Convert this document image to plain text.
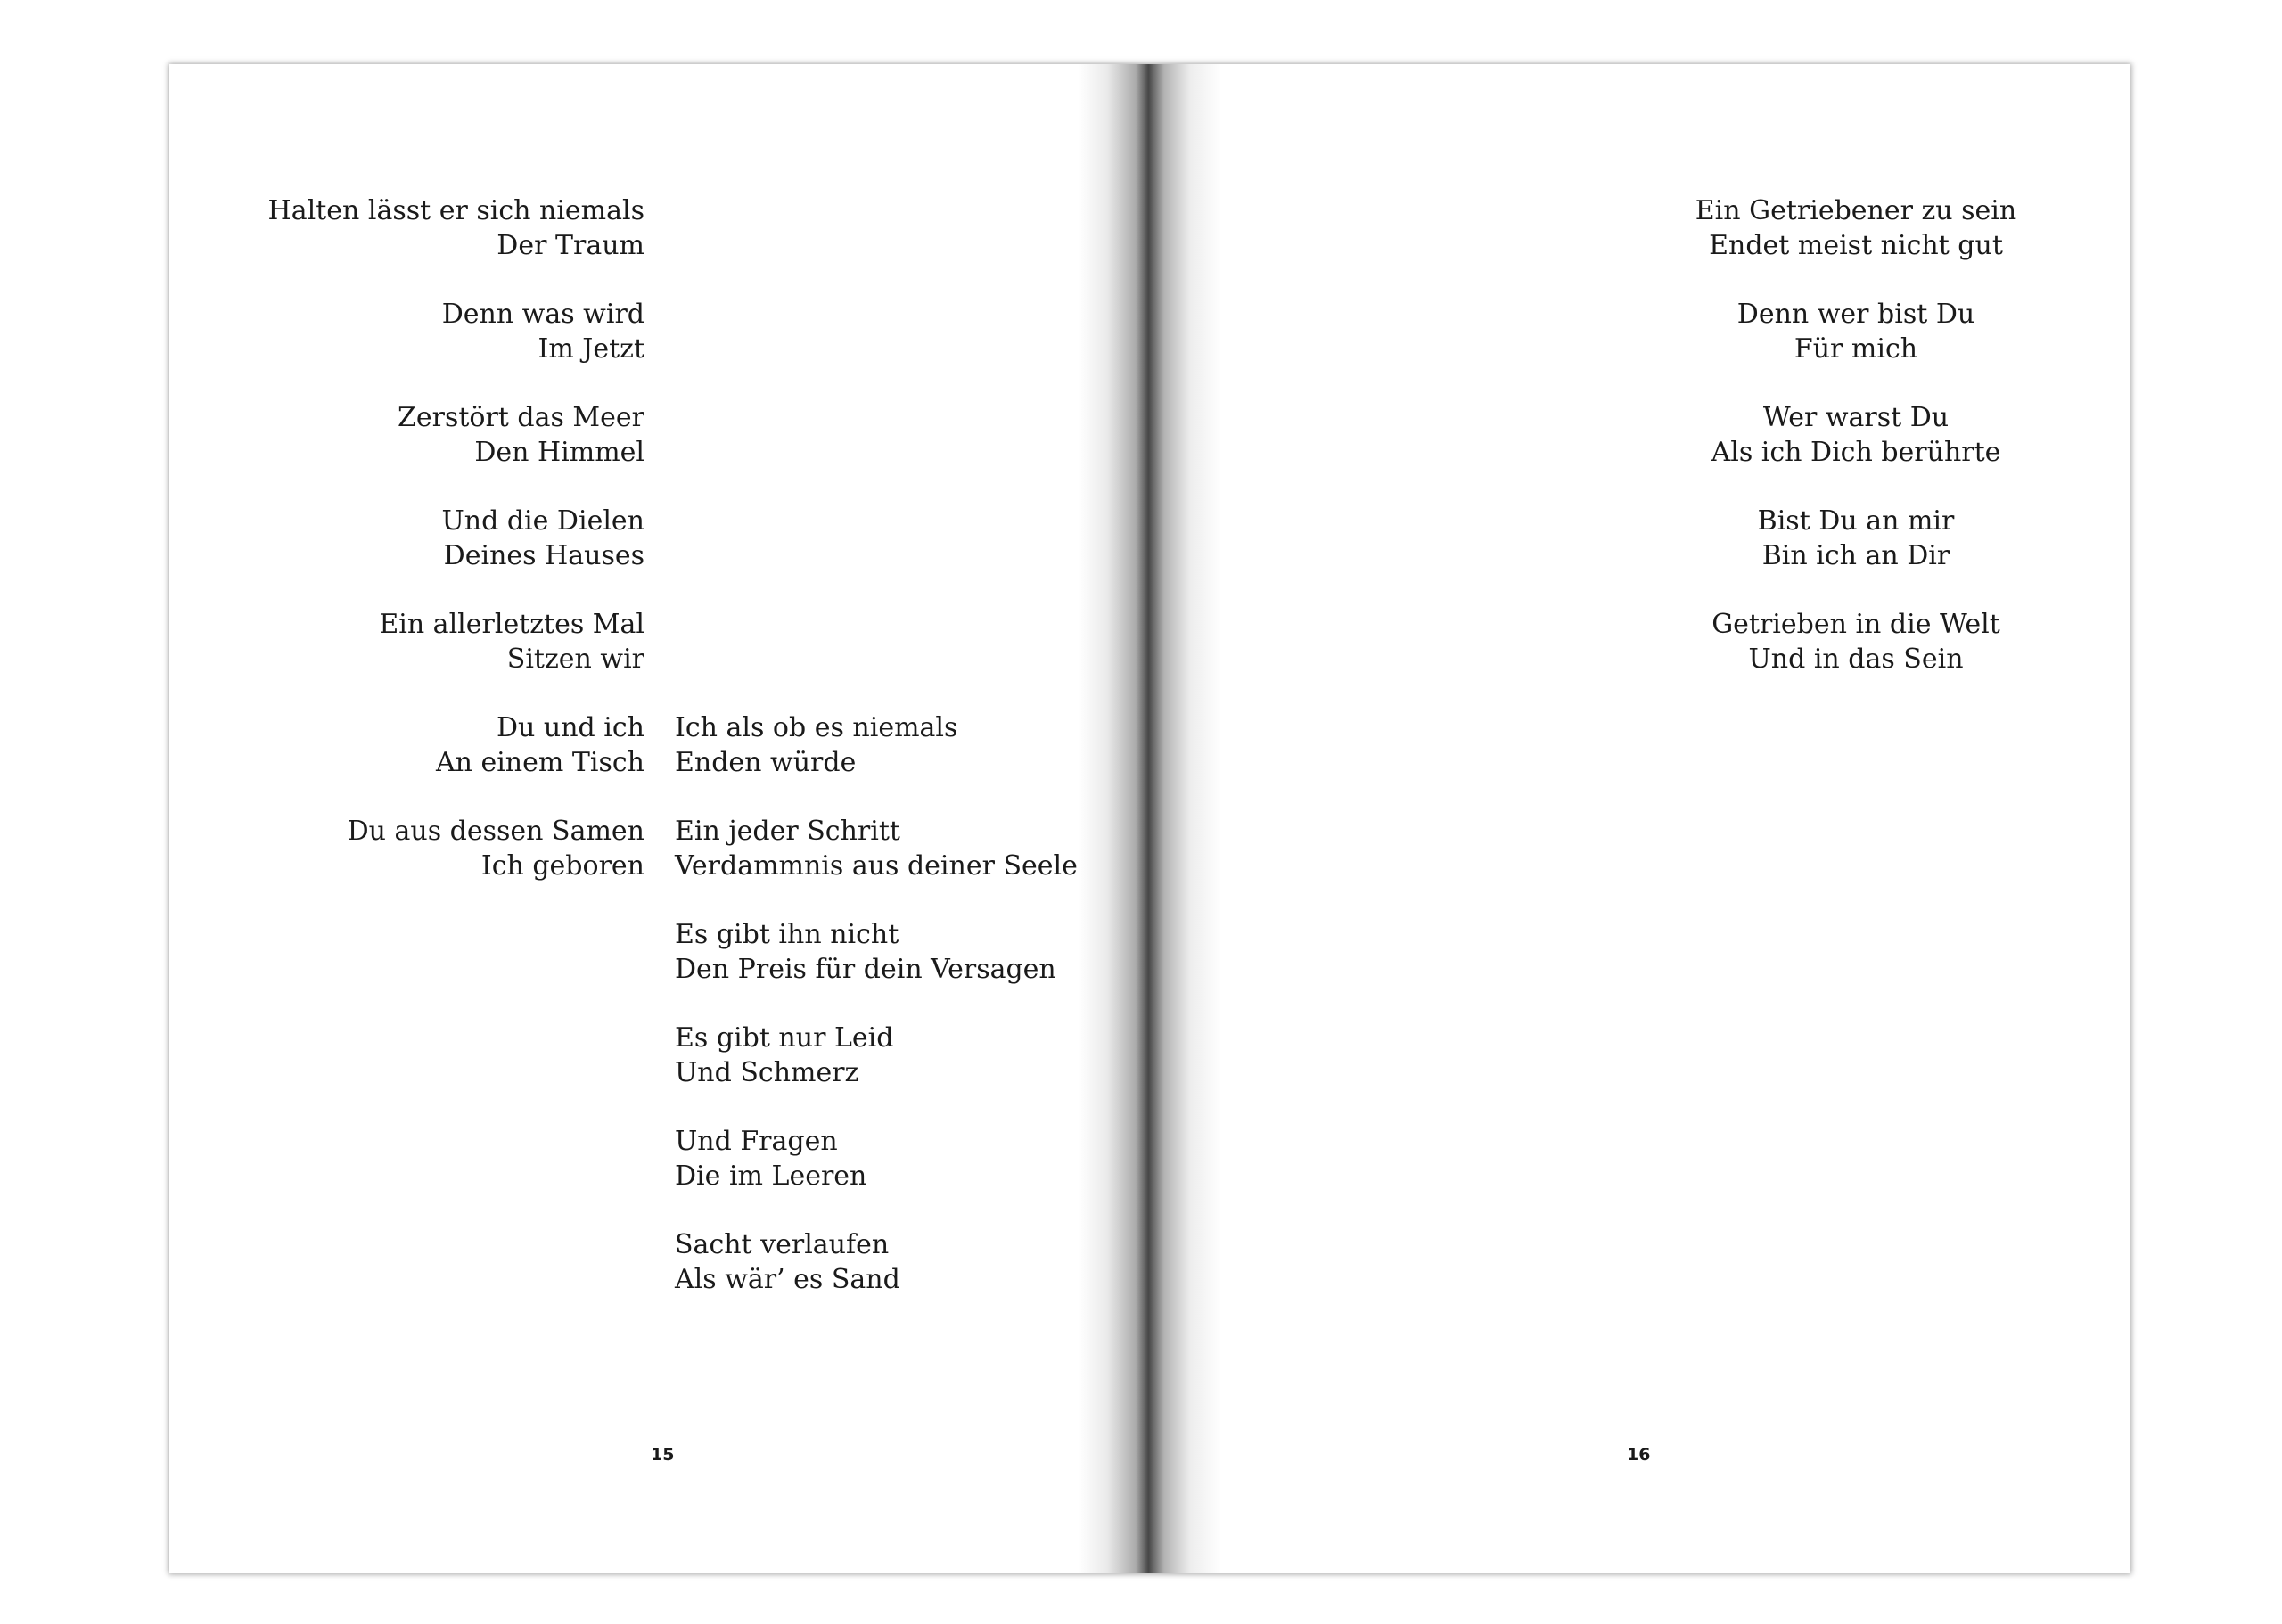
Halten lässt er sich niemals
Der Traum
Denn was wird
Im Jetzt
Zerstört das Meer
Den Himmel
Und die Dielen
Deines Hauses
Ein allerletztes Mal
Sitzen wir
Du und ich
An einem Tisch
Du aus dessen Samen
Ich geboren
Ich als ob es niemals
Enden würde
Ein jeder Schritt
Verdammnis aus deiner Seele
Es gibt ihn nicht
Den Preis für dein Versagen
Es gibt nur Leid
Und Schmerz
Und Fragen
Die im Leeren
Sacht verlaufen
Als wär’ es Sand
15
Ein Getriebener zu sein
Endet meist nicht gut
Denn wer bist Du
Für mich
Wer warst Du
Als ich Dich berührte
Bist Du an mir
Bin ich an Dir
Getrieben in die Welt
Und in das Sein
16
